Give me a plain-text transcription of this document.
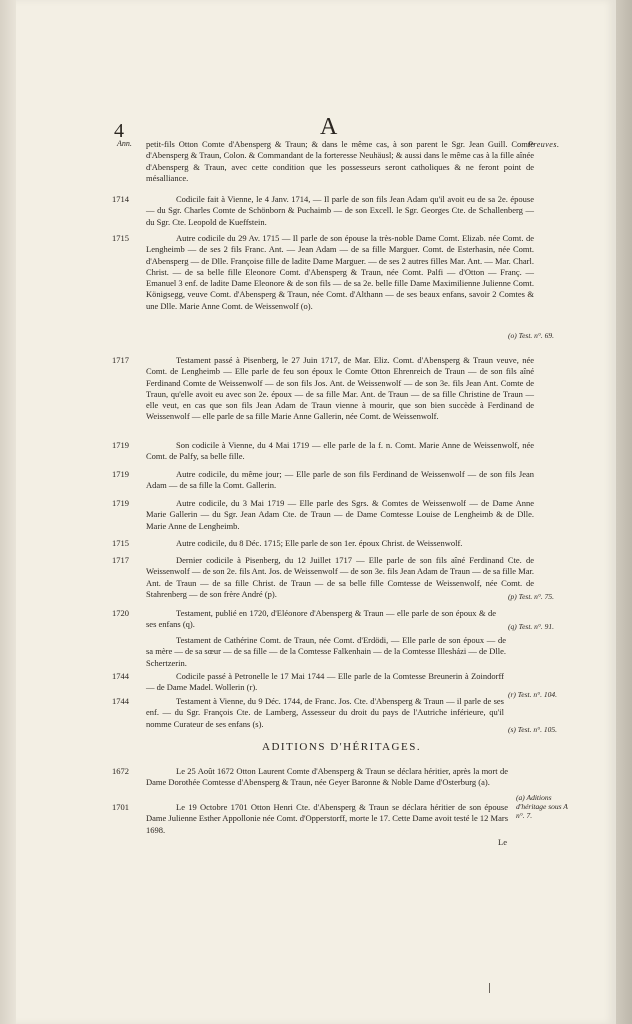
4	A
Preuves.
Ann. petit-fils Otton Comte d'Abensperg & Traun; & dans le même cas, à son parent le Sgr. Jean Guill. Comte d'Abensperg & Traun, Colon. & Commandant de la forteresse Neuhäusl; & aussi dans le même cas à la fille aînée d'Abensperg & Traun, avec cette condition que les possesseurs seront catholiques & ne feront point de mésalliance.
1714	Codicile fait à Vienne, le 4 Janv. 1714, — Il parle de son fils Jean Adam qu'il avoit eu de sa 2e. épouse — du Sgr. Charles Comte de Schönborn & Puchaimb — de son Excell. le Sgr. Georges Cte. de Schallenberg — du Sgr. Cte. Leopold de Kueffstein.
1715	Autre codicile du 29 Av. 1715 — Il parle de son épouse la très-noble Dame Comt. Elizab. née Comt. de Lengheimb — de ses 2 fils Franc. Ant. — Jean Adam — de sa fille Marguer. Comt. de Esterhasin, née Comt. d'Abensperg — de Dlle. Françoise fille de ladite Dame Marguer. — de ses 2 autres filles Mar. Ant. — Mar. Charl. Christ. — de sa belle fille Eleonore Comt. d'Abensperg & Traun, née Comt. Palfi — d'Otton — Franç. — Emanuel 3 enf. de ladite Dame Eleonore & de son fils — de sa 2e. belle fille Dame Maximilienne Julienne Comt. Königsegg, veuve Comt. d'Abensperg & Traun, née Comt. d'Althann — de ses beaux enfans, savoir 2 Comtes & une Dlle. Marie Anne Comt. de Weissenwolf (o).
(o) Test. n°. 69.
1717	Testament passé à Pisenberg, le 27 Juin 1717, de Mar. Eliz. Comt. d'Abensperg & Traun veuve, née Comt. de Lengheimb — Elle parle de feu son époux le Comte Otton Ehrenreich de Traun — de son fils aîné Ferdinand Comte de Weissenwolf — de son fils Jos. Ant. de Weissenwolf — de son 3e. fils Jean Ant. Comte de Traun, qu'elle avoit eu avec son 2e. époux — de sa fille Mar. Ant. de Traun — de sa fille Christine de Traun — elle veut, en cas que son fils Jean Adam de Traun vienne à mourir, que son bien succède à Ferdinand de Weissenwolf — elle parle de sa fille Marie Anne Gallerin, née Comt. de Weissenwolf.
1719	Son codicile à Vienne, du 4 Mai 1719 — elle parle de la f. n. Comt. Marie Anne de Weissenwolf, née Comt. de Palfy, sa belle fille.
1719	Autre codicile, du même jour; — Elle parle de son fils Ferdinand de Weissenwolf — de son fils Jean Adam — de sa fille la Comt. Gallerin.
1719	Autre codicile, du 3 Mai 1719 — Elle parle des Sgrs. & Comtes de Weissenwolf — de Dame Anne Marie Gallerin — du Sgr. Jean Adam Cte. de Traun — de Dame Comtesse Louise de Lengheimb & de Dlle. Marie Anne de Lengheimb.
1715	Autre codicile, du 8 Déc. 1715; Elle parle de son 1er. époux Christ. de Weissenwolf.
1717	Dernier codicile à Pisenberg, du 12 Juillet 1717 — Elle parle de son fils aîné Ferdinand Cte. de Weissenwolf — de son 2e. fils Ant. Jos. de Weissenwolf — de son 3e. fils Jean Adam de Traun — de sa fille Mar. Ant. de Traun — de sa fille Christ. de Traun — de sa belle fille Comtesse de Weissenwolf, née Comt. de Stahrenberg — de son frère André (p).	(p) Test. n°. 75.
1720	Testament, publié en 1720, d'Eléonore d'Abensperg & Traun — elle parle de son époux & de ses enfans (q).	(q) Test. n°. 91.
Testament de Cathérine Comt. de Traun, née Comt. d'Erdödi, — Elle parle de son époux — de sa mère — de sa sœur — de sa fille — de la Comtesse Falkenhain — de la Comtesse Illesházi — de Dlle. Schertzerin.
1744	Codicile passé à Petronelle le 17 Mai 1744 — Elle parle de la Comtesse Breunerin à Zoindorff — de Dame Madel. Wollerin (r).
(r) Test. n°. 104.
1744	Testament à Vienne, du 9 Déc. 1744, de Franc. Jos. Cte. d'Abensperg & Traun — il parle de ses enf. — du Sgr. François Cte. de Lamberg, Assesseur du droit du pays de l'Autriche inférieure, qu'il nomme Curateur de ses enfans (s).
(s) Test. n°. 105.
ADITIONS D'HÉRITAGES.
1672	Le 25 Août 1672 Otton Laurent Comte d'Abensperg & Traun se déclara héritier, après la mort de Dame Dorothée Comtesse d'Abensperg & Traun, née Geyer Baronne & Noble Dame d'Osterburg (a).
(a) Aditions d'héritage sous A n°. 7.
1701	Le 19 Octobre 1701 Otton Henri Cte. d'Abensperg & Traun se déclara héritier de son épouse Dame Julienne Esther Appollonie née Comt. d'Opperstorff, morte le 17. Cette Dame avoit testé le 12 Mars 1698.
Le
